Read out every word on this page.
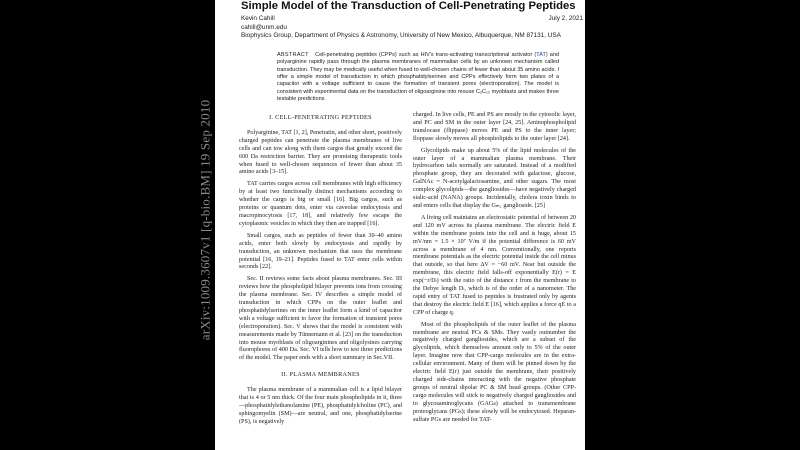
arXiv:1009.3607v1 [q-bio.BM] 19 Sep 2010
Simple Model of the Transduction of Cell-Penetrating Peptides
Kevin Cahill
cahill@unm.edu
Biophysics Group, Department of Physics & Astronomy, University of New Mexico, Albuquerque, NM 87131, USA
July 2, 2021
ABSTRACT Cell-penetrating peptides (CPPs) such as HIV's trans-activating transcriptional activator (TAT) and polyarginine rapidly pass through the plasma membranes of mammalian cells by an unknown mechanism called transduction. They may be medically useful when fused to well-chosen chains of fewer than about 35 amino acids. I offer a simple model of transduction in which phosphatidylserines and CPPs effectively form two plates of a capacitor with a voltage sufficient to cause the formation of transient pores (electroporation). The model is consistent with experimental data on the transduction of oligoarginine into mouse C₂C₁₂ myoblasts and makes three testable predictions.
I. CELL-PENETRATING PEPTIDES

Polyarginine, TAT [1, 2], Penetratin, and other short, positively charged peptides can penetrate the plasma membranes of live cells and can tow along with them cargos that greatly exceed the 600 Da restriction barrier. They are promising therapeutic tools when fused to well-chosen sequences of fewer than about 35 amino acids [3–15].

TAT carries cargos across cell membranes with high efficiency by at least two functionally distinct mechanisms according to whether the cargo is big or small [16]. Big cargos, such as proteins or quantum dots, enter via caveolae endocytosis and macropinocytosis [17, 18], and relatively few escape the cytoplasmic vesicles in which they then are trapped [16].

Small cargos, such as peptides of fewer than 30–40 amino acids, enter both slowly by endocytosis and rapidly by transduction, an unknown mechanism that uses the membrane potential [16, 19–21]. Peptides fused to TAT enter cells within seconds [22].

Sec. II reviews some facts about plasma membranes. Sec. III reviews how the phospholipid bilayer prevents ions from crossing the plasma membrane. Sec. IV describes a simple model of transduction in which CPPs on the outer leaflet and phosphatidylserines on the inner leaflet form a kind of capacitor with a voltage sufficient to favor the formation of transient pores (electroporation). Sec. V shows that the model is consistent with measurements made by Tünnemann et al. [23] on the transduction into mouse myoblasts of oligoarginines and oligolysines carrying fluorophores of 400 Da. Sec. VI tells how to test three predictions of the model. The paper ends with a short summary in Sec.VII.

II. PLASMA MEMBRANES

The plasma membrane of a mammalian cell is a lipid bilayer that is 4 or 5 nm thick. Of the four main phospholipids in it, three—phosphatidylethanolamine (PE), phosphatidylcholine (PC), and sphingomyelin (SM)—are neutral, and one, phosphatidylserine (PS), is negatively

charged. In live cells, PE and PS are mostly in the cytosolic layer, and PC and SM in the outer layer [24, 25]. Aminophospholipid translocase (flippase) moves PE and PS to the inner layer; floppase slowly moves all phospholipids to the outer layer [24].

Glycolipids make up about 5% of the lipid molecules of the outer layer of a mammalian plasma membrane. Their hydrocarbon tails normally are saturated. Instead of a modified phosphate group, they are decorated with galactose, glucose, GalNAc = N-acetylgalactosamine, and other sugars. The most complex glycolipids—the gangliosides—have negatively charged sialic-acid (NANA) groups. Incidentally, cholera toxin binds to and enters cells that display the Gₘ₁ ganglioside. [25]

A living cell maintains an electrostatic potential of between 20 and 120 mV across its plasma membrane. The electric field E within the membrane points into the cell and is huge, about 15 mV/nm = 1.5 × 10⁷ V/m if the potential difference is 60 mV across a membrane of 4 nm. Conventionally, one reports membrane potentials as the electric potential inside the cell minus that outside, so that here ΔV = −60 mV. Near but outside the membrane, this electric field falls-off exponentially E(r) = E exp(−r/Dₗ) with the ratio of the distance r from the membrane to the Debye length Dₗ, which is of the order of a nanometer. The rapid entry of TAT fused to peptides is frustrated only by agents that destroy the electric field E [16], which applies a force qE to a CPP of charge q.

Most of the phospholipids of the outer leaflet of the plasma membrane are neutral PCs & SMs. They vastly outnumber the negatively charged gangliosides, which are a subset of the glycolipids, which themselves amount only to 5% of the outer layer. Imagine now that CPP-cargo molecules are in the extra-cellular environment. Many of them will be pinned down by the electric field E(r) just outside the membrane, their positively charged side-chains interacting with the negative phosphate groups of neutral dipolar PC & SM head groups. (Other CPP-cargo molecules will stick to negatively charged gangliosides and to glycosaminoglycans (GAGs) attached to transmembrane proteoglycans (PGs); these slowly will be endocytosed. Heparan-sulfate PGs are needed for TAT-
